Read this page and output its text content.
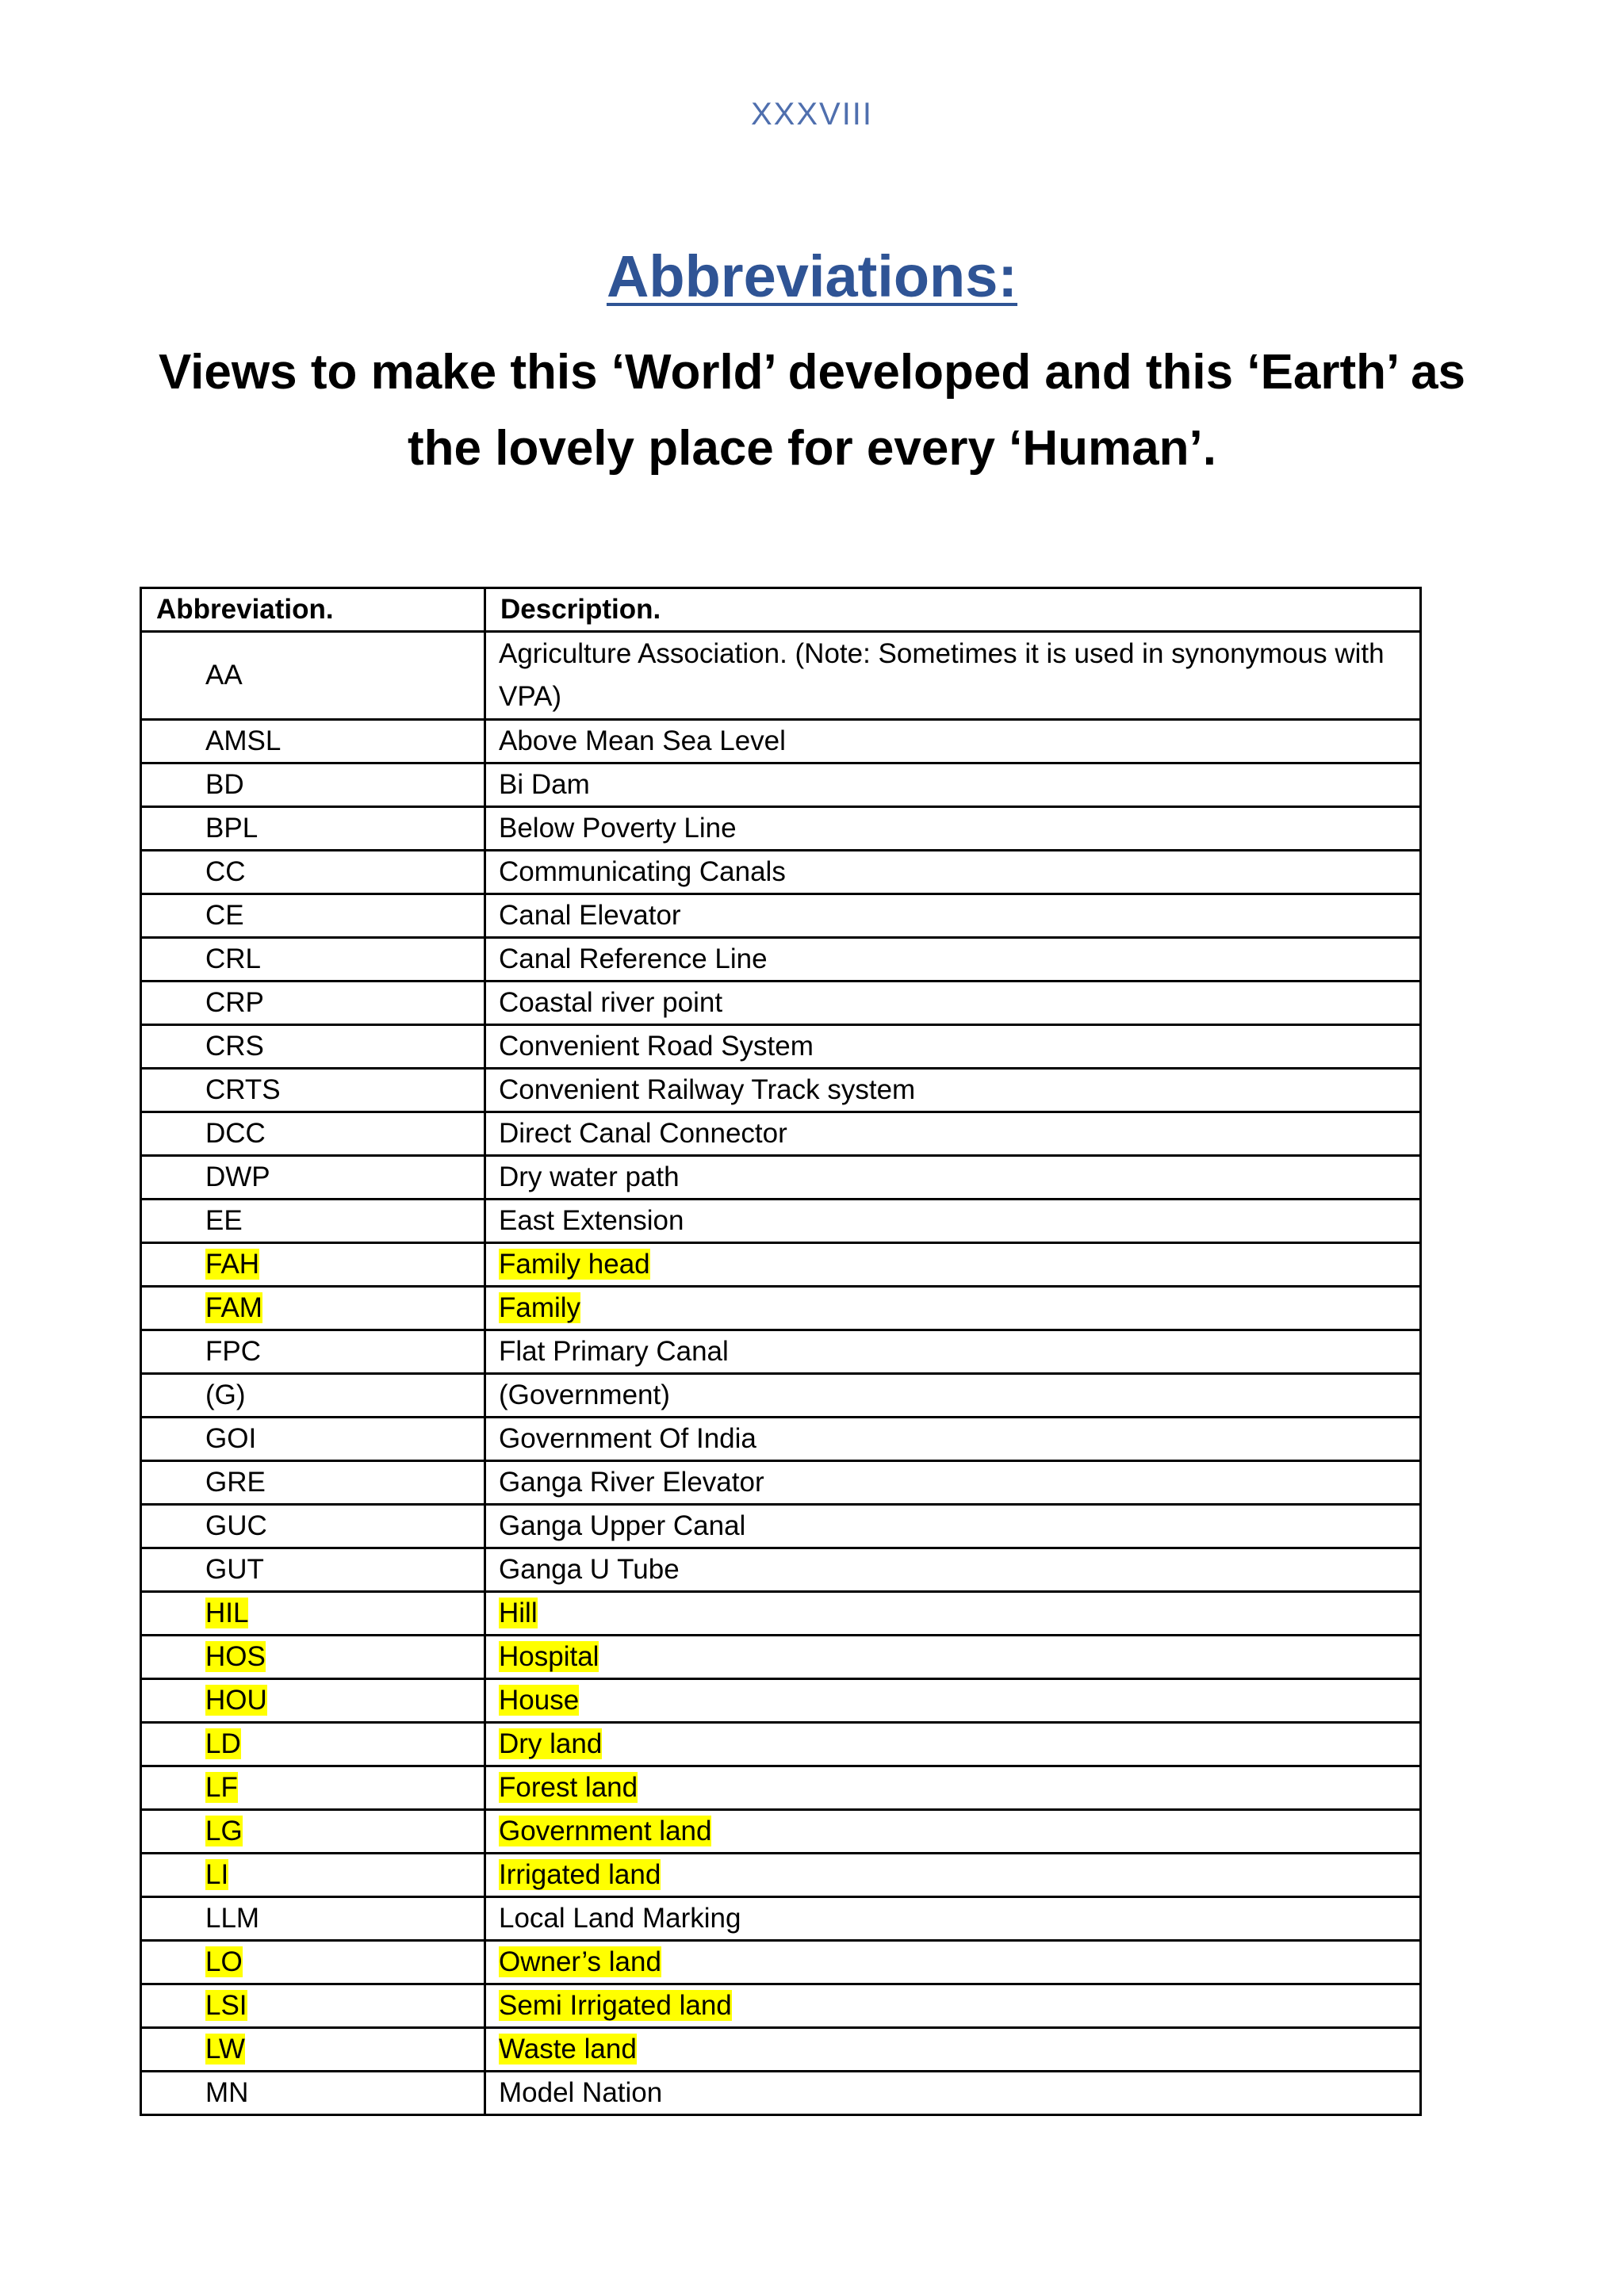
XXXVIII
Abbreviations:
Views to make this ‘World’ developed and this ‘Earth’ as the lovely place for every ‘Human’.
Abbreviation.	Description.
AA	Agriculture Association. (Note: Sometimes it is used in synonymous with VPA)
AMSL	Above Mean Sea Level
BD	Bi Dam
BPL	Below Poverty Line
CC	Communicating Canals
CE	Canal Elevator
CRL	Canal Reference Line
CRP	Coastal river point
CRS	Convenient Road System
CRTS	Convenient Railway Track system
DCC	Direct Canal Connector
DWP	Dry water path
EE	East Extension
FAH	Family head
FAM	Family
FPC	Flat Primary Canal
(G)	(Government)
GOI	Government Of India
GRE	Ganga River Elevator
GUC	Ganga Upper Canal
GUT	Ganga U Tube
HIL	Hill
HOS	Hospital
HOU	House
LD	Dry land
LF	Forest land
LG	Government land
LI	Irrigated land
LLM	Local Land Marking
LO	Owner’s land
LSI	Semi Irrigated land
LW	Waste land
MN	Model Nation
